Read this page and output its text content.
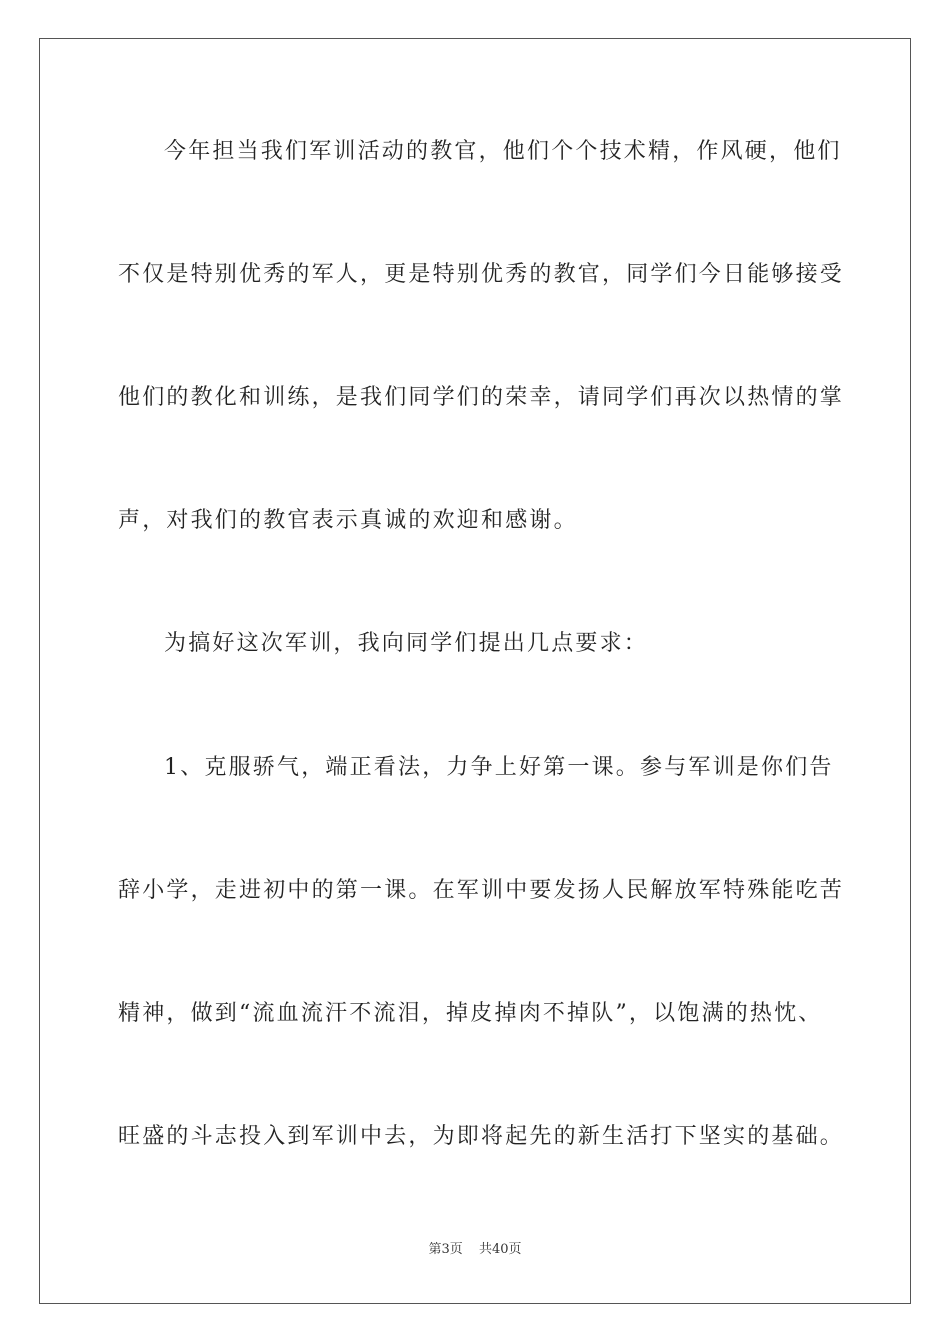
今年担当我们军训活动的教官，他们个个技术精，作风硬，他们
不仅是特别优秀的军人，更是特别优秀的教官，同学们今日能够接受
他们的教化和训练，是我们同学们的荣幸，请同学们再次以热情的掌
声，对我们的教官表示真诚的欢迎和感谢。
为搞好这次军训，我向同学们提出几点要求：
1、克服骄气，端正看法，力争上好第一课。参与军训是你们告
辞小学，走进初中的第一课。在军训中要发扬人民解放军特殊能吃苦
精神，做到“流血流汗不流泪，掉皮掉肉不掉队”，以饱满的热忱、
旺盛的斗志投入到军训中去，为即将起先的新生活打下坚实的基础。
第3页 共40页
